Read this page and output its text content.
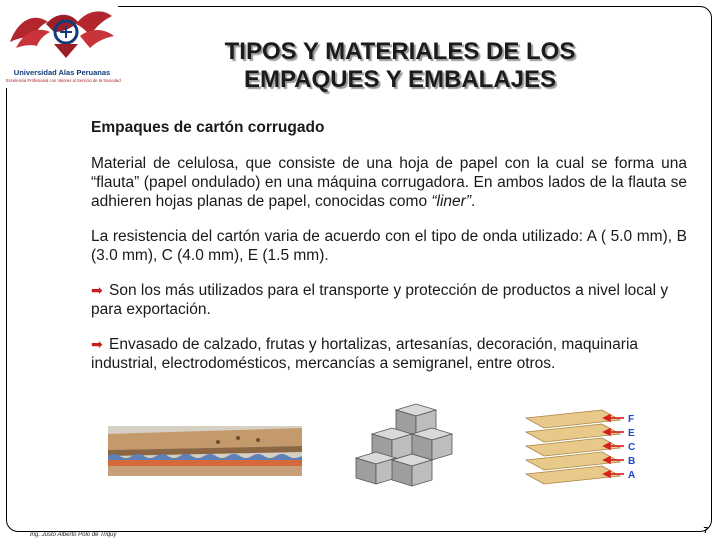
Universidad Alas Peruanas
Excelencia Profesional con Valores al Servicio de la Sociedad
TIPOS Y MATERIALES DE LOS
EMPAQUES Y EMBALAJES
Empaques de cartón corrugado
Material de celulosa, que consiste de una hoja de papel con la cual se forma una “flauta” (papel ondulado) en una máquina corrugadora. En ambos lados de la flauta se adhieren hojas planas de papel, conocidas como “liner”.
La resistencia del cartón varia de acuerdo con el tipo de onda utilizado: A ( 5.0 mm), B (3.0 mm), C (4.0 mm), E (1.5 mm).
➡ Son los más utilizados para el transporte y protección de productos a nivel local y para exportación.
➡ Envasado de calzado, frutas y hortalizas, artesanías, decoración, maquinaria industrial, electrodomésticos, mercancías a semigranel, entre otros.
F
E
C
B
A
Ing. Justo Alberto Polo de Triquy	7
